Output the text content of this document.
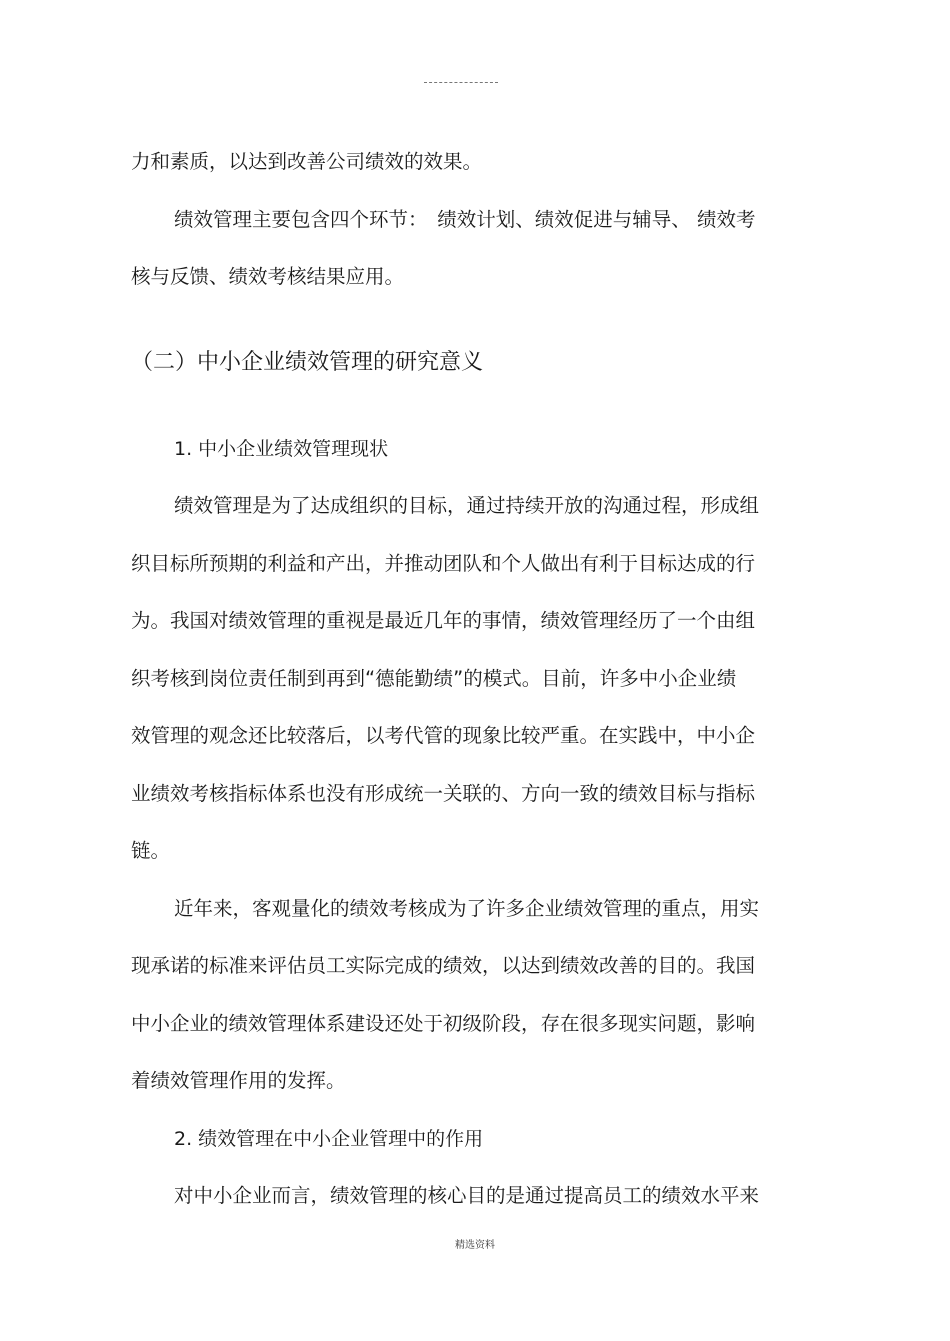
力和素质，以达到改善公司绩效的效果。
绩效管理主要包含四个环节：　绩效计划、绩效促进与辅导、 绩效考
核与反馈、绩效考核结果应用。
（二）中小企业绩效管理的研究意义
1. 中小企业绩效管理现状
绩效管理是为了达成组织的目标，通过持续开放的沟通过程，形成组
织目标所预期的利益和产出，并推动团队和个人做出有利于目标达成的行
为。我国对绩效管理的重视是最近几年的事情，绩效管理经历了一个由组
织考核到岗位责任制到再到“德能勤绩”的模式。目前，许多中小企业绩
效管理的观念还比较落后，以考代管的现象比较严重。在实践中，中小企
业绩效考核指标体系也没有形成统一关联的、方向一致的绩效目标与指标
链。
近年来，客观量化的绩效考核成为了许多企业绩效管理的重点，用实
现承诺的标准来评估员工实际完成的绩效，以达到绩效改善的目的。我国
中小企业的绩效管理体系建设还处于初级阶段，存在很多现实问题，影响
着绩效管理作用的发挥。
2. 绩效管理在中小企业管理中的作用
对中小企业而言，绩效管理的核心目的是通过提高员工的绩效水平来
精选资料
